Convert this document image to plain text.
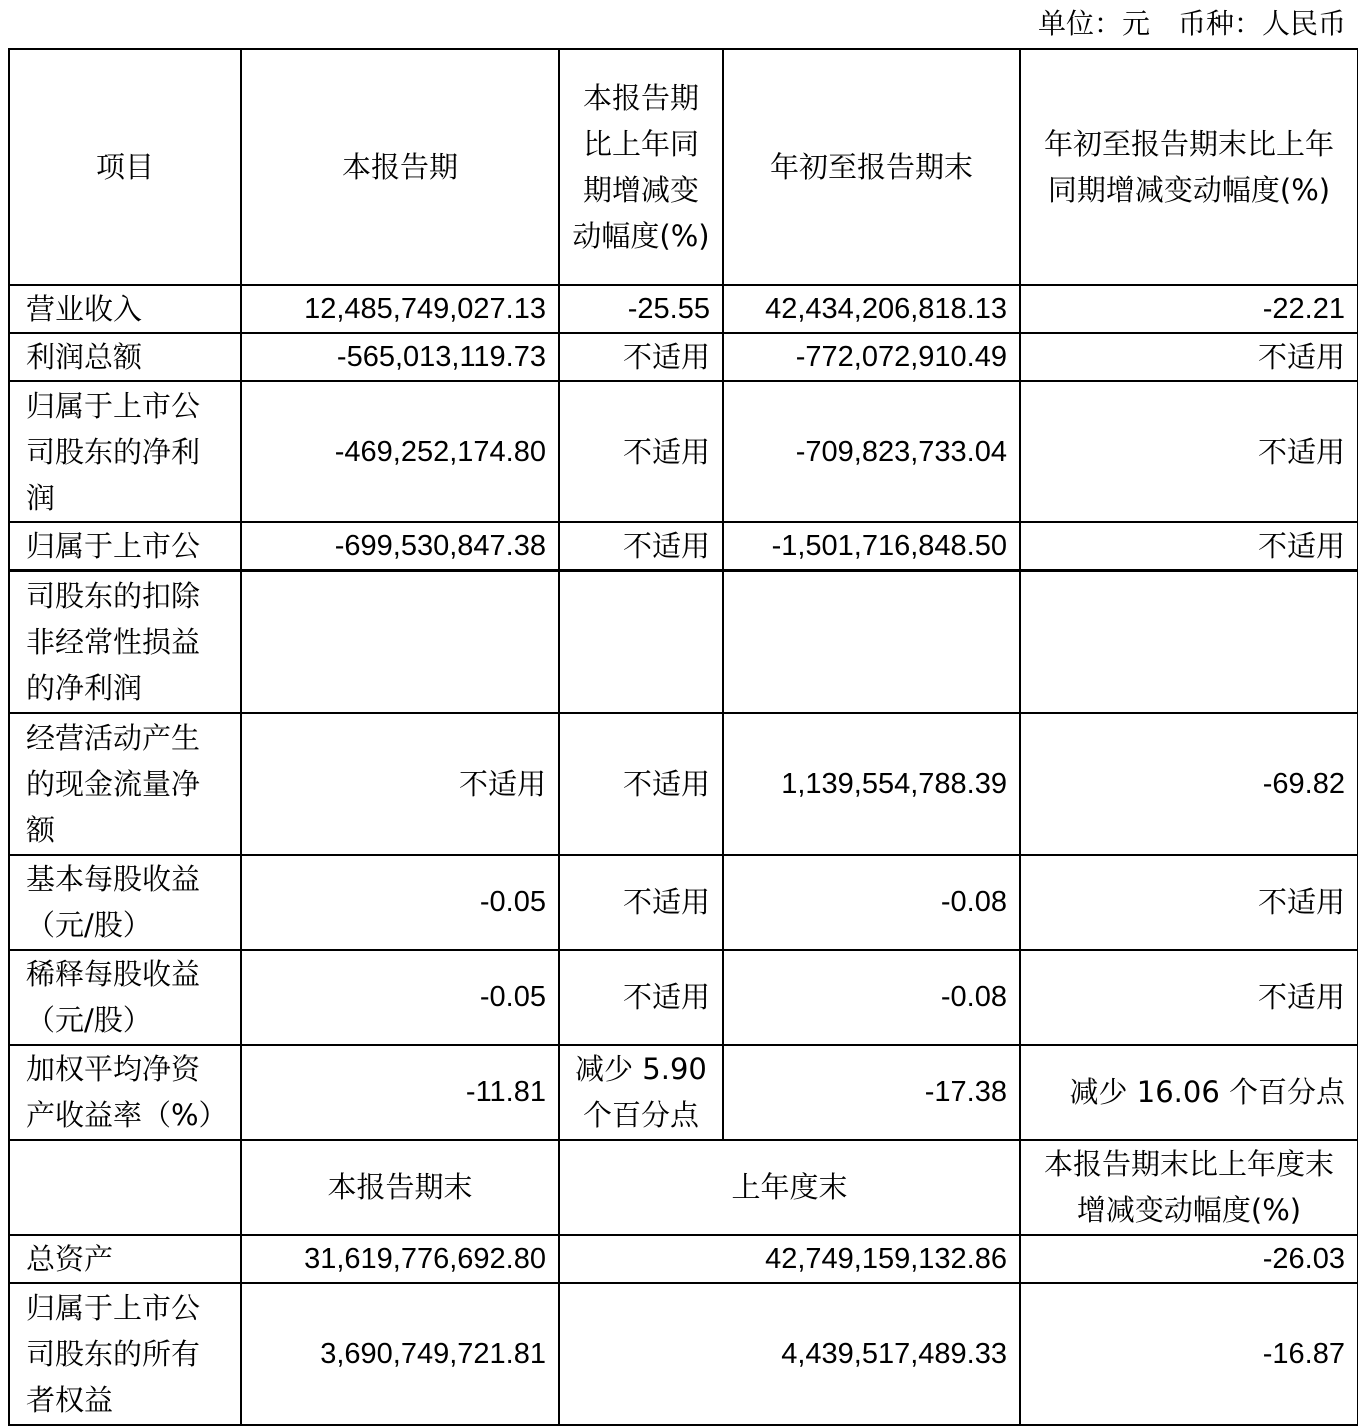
单位：元　币种：人民币
项目	本报告期	本报告期比上年同期增减变动幅度(%)	年初至报告期末	年初至报告期末比上年同期增减变动幅度(%)
营业收入	12,485,749,027.13	-25.55	42,434,206,818.13	-22.21
利润总额	-565,013,119.73	不适用	-772,072,910.49	不适用
归属于上市公司股东的净利润	-469,252,174.80	不适用	-709,823,733.04	不适用
归属于上市公	-699,530,847.38	不适用	-1,501,716,848.50	不适用
司股东的扣除非经常性损益的净利润				
经营活动产生的现金流量净额	不适用	不适用	1,139,554,788.39	-69.82
基本每股收益（元/股）	-0.05	不适用	-0.08	不适用
稀释每股收益（元/股）	-0.05	不适用	-0.08	不适用
加权平均净资产收益率（%）	-11.81	减少 5.90 个百分点	-17.38	减少 16.06 个百分点
	本报告期末	上年度末		本报告期末比上年度末增减变动幅度(%)
总资产	31,619,776,692.80	42,749,159,132.86		-26.03
归属于上市公司股东的所有者权益	3,690,749,721.81	4,439,517,489.33		-16.87
